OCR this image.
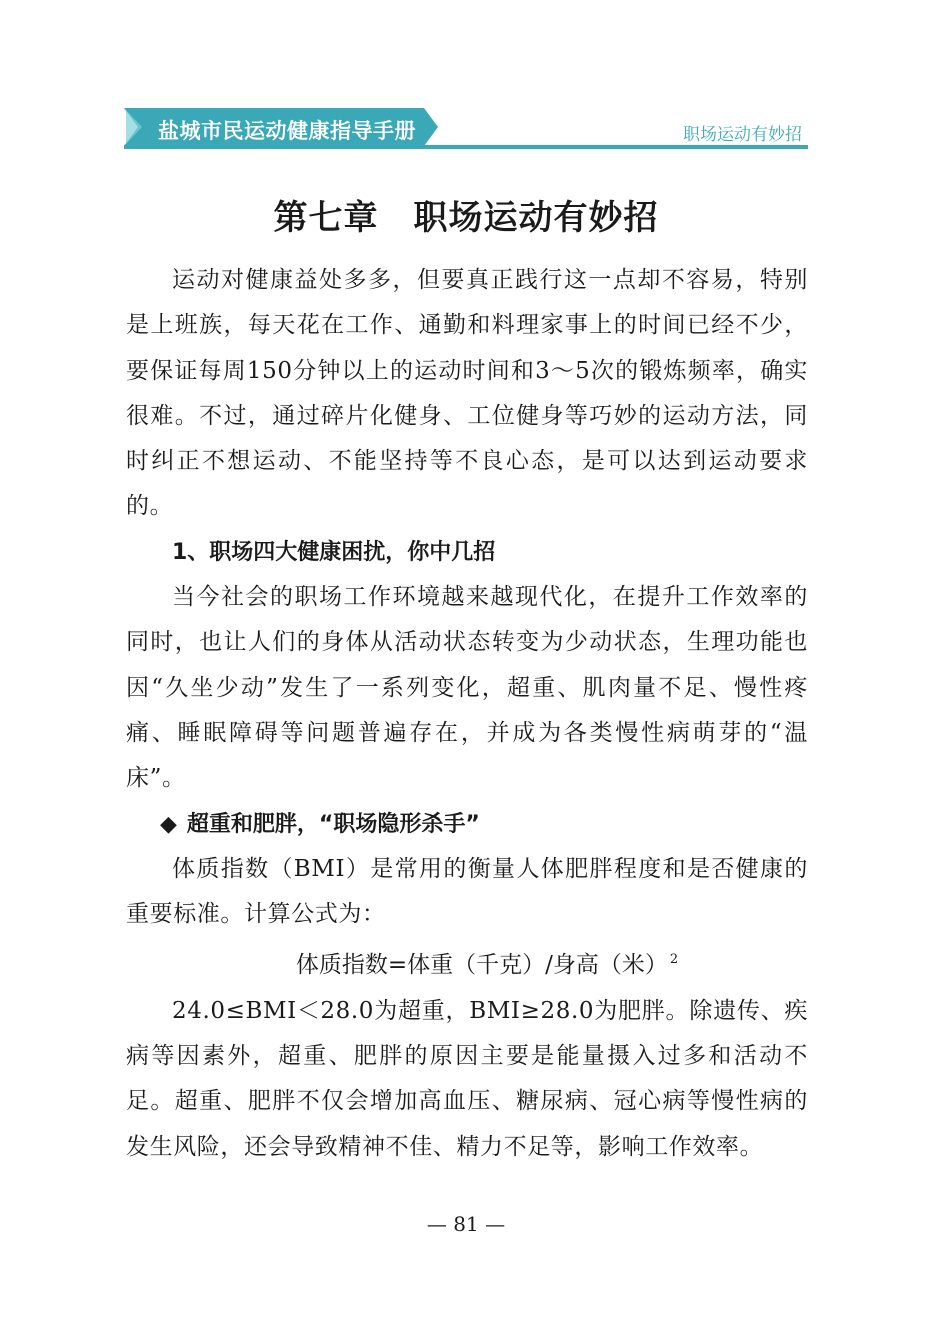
盐城市民运动健康指导手册	职场运动有妙招
第七章　职场运动有妙招

运动对健康益处多多，但要真正践行这一点却不容易，特别是上班族，每天花在工作、通勤和料理家事上的时间已经不少，要保证每周150分钟以上的运动时间和3～5次的锻炼频率，确实很难。不过，通过碎片化健身、工位健身等巧妙的运动方法，同时纠正不想运动、不能坚持等不良心态，是可以达到运动要求的。

1、职场四大健康困扰，你中几招

当今社会的职场工作环境越来越现代化，在提升工作效率的同时，也让人们的身体从活动状态转变为少动状态，生理功能也因“久坐少动”发生了一系列变化，超重、肌肉量不足、慢性疼痛、睡眠障碍等问题普遍存在，并成为各类慢性病萌芽的“温床”。

◆ 超重和肥胖，“职场隐形杀手”

体质指数（BMI）是常用的衡量人体肥胖程度和是否健康的重要标准。计算公式为：

体质指数=体重（千克）/身高（米） $^2$

24.0≤BMI＜28.0为超重，BMI≥28.0为肥胖。除遗传、疾病等因素外，超重、肥胖的原因主要是能量摄入过多和活动不足。超重、肥胖不仅会增加高血压、糖尿病、冠心病等慢性病的发生风险，还会导致精神不佳、精力不足等，影响工作效率。

— 81 —
